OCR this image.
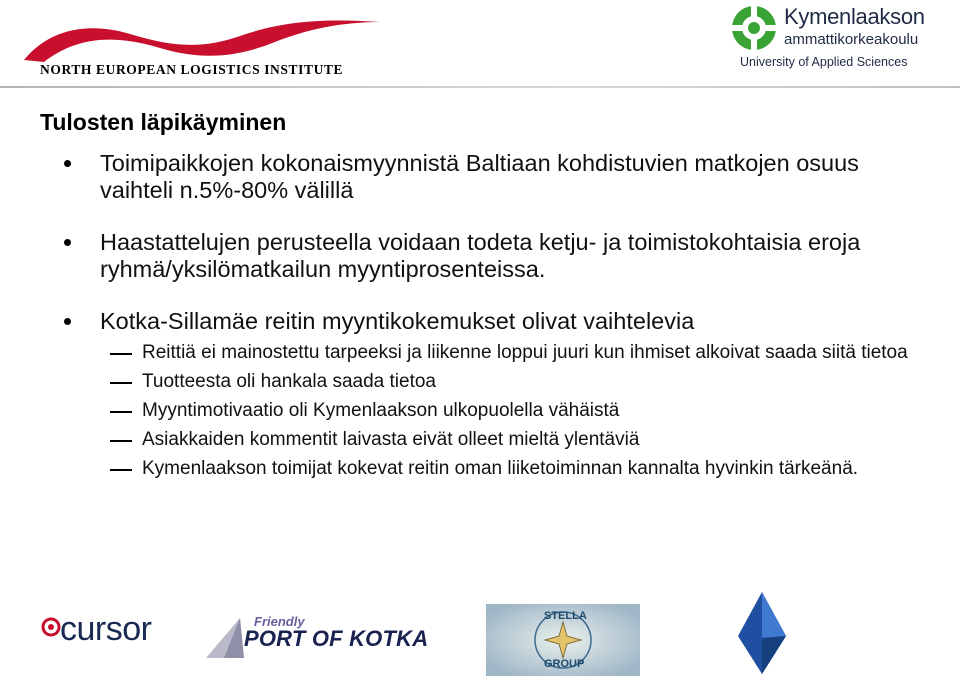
NORTH EUROPEAN LOGISTICS INSTITUTE
Kymenlaakson
ammattikorkeakoulu
University of Applied Sciences
Tulosten läpikäyminen
Toimipaikkojen kokonaismyynnistä Baltiaan kohdistuvien matkojen osuus vaihteli n.5%-80% välillä
Haastattelujen perusteella voidaan todeta ketju- ja toimistokohtaisia eroja ryhmä/yksilömatkailun myyntiprosenteissa.
Kotka-Sillamäe reitin myyntikokemukset olivat vaihtelevia
Reittiä ei mainostettu tarpeeksi ja liikenne loppui juuri kun ihmiset alkoivat saada siitä tietoa
Tuotteesta oli hankala saada tietoa
Myyntimotivaatio oli Kymenlaakson ulkopuolella vähäistä
Asiakkaiden kommentit laivasta eivät olleet mieltä ylentäviä
Kymenlaakson toimijat kokevat reitin oman liiketoiminnan kannalta hyvinkin tärkeänä.
cursor	Friendly
PORT OF KOTKA
STELLA
GROUP
